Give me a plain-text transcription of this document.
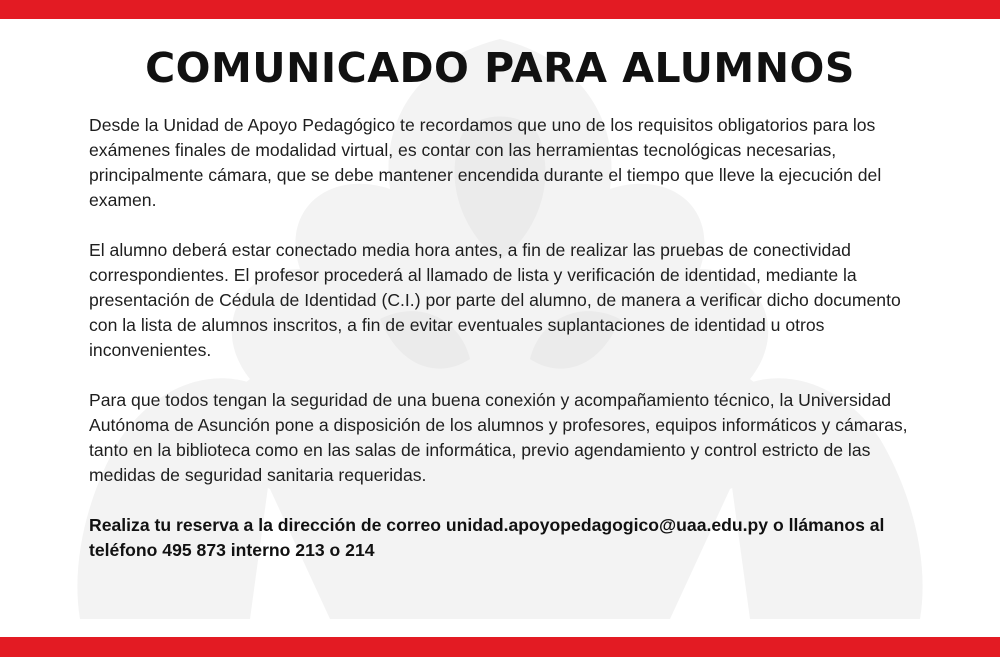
COMUNICADO PARA ALUMNOS

Desde la Unidad de Apoyo Pedagógico te recordamos que uno de los requisitos obligatorios para los exámenes finales de modalidad virtual, es contar con las herramientas tecnológicas necesarias, principalmente cámara, que se debe mantener encendida durante el tiempo que lleve la ejecución del examen.

El alumno deberá estar conectado media hora antes, a fin de realizar las pruebas de conectividad correspondientes. El profesor procederá al llamado de lista y verificación de identidad, mediante la presentación de Cédula de Identidad (C.I.) por parte del alumno, de manera a verificar dicho documento con la lista de alumnos inscritos, a fin de evitar eventuales suplantaciones de identidad u otros inconvenientes.

Para que todos tengan la seguridad de una buena conexión y acompañamiento técnico, la Universidad Autónoma de Asunción pone a disposición de los alumnos y profesores, equipos informáticos y cámaras, tanto en la biblioteca como en las salas de informática, previo agendamiento y control estricto de las medidas de seguridad sanitaria requeridas.

Realiza tu reserva a la dirección de correo unidad.apoyopedagogico@uaa.edu.py o llámanos al teléfono 495 873 interno 213 o 214
